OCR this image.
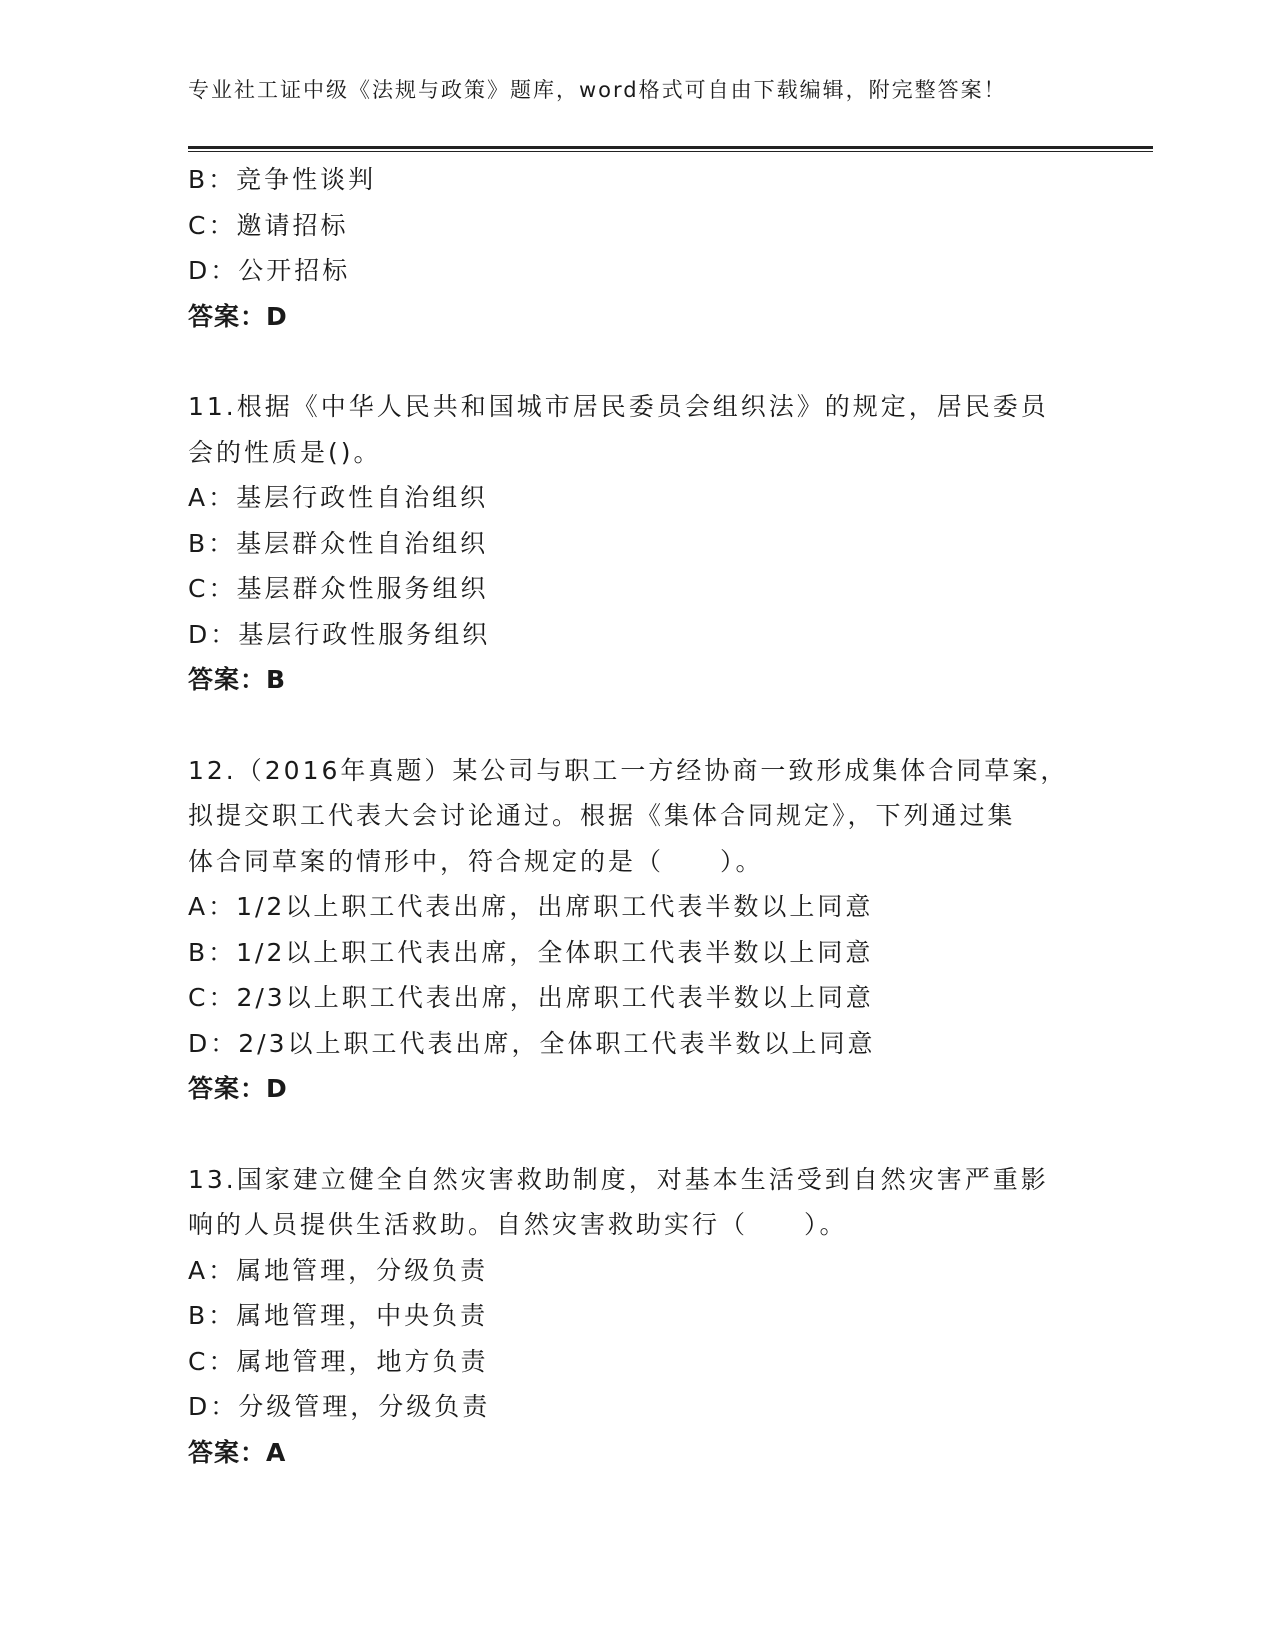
专业社工证中级《法规与政策》题库，word格式可自由下载编辑，附完整答案！
B：竞争性谈判
C：邀请招标
D：公开招标
答案：D
11.根据《中华人民共和国城市居民委员会组织法》的规定，居民委员
会的性质是()。
A：基层行政性自治组织
B：基层群众性自治组织
C：基层群众性服务组织
D：基层行政性服务组织
答案：B
12.（2016年真题）某公司与职工一方经协商一致形成集体合同草案，
拟提交职工代表大会讨论通过。根据《集体合同规定》，下列通过集
体合同草案的情形中，符合规定的是（　　）。
A：1/2以上职工代表出席，出席职工代表半数以上同意
B：1/2以上职工代表出席，全体职工代表半数以上同意
C：2/3以上职工代表出席，出席职工代表半数以上同意
D：2/3以上职工代表出席，全体职工代表半数以上同意
答案：D
13.国家建立健全自然灾害救助制度，对基本生活受到自然灾害严重影
响的人员提供生活救助。自然灾害救助实行（　　）。
A：属地管理，分级负责
B：属地管理，中央负责
C：属地管理，地方负责
D：分级管理，分级负责
答案：A
